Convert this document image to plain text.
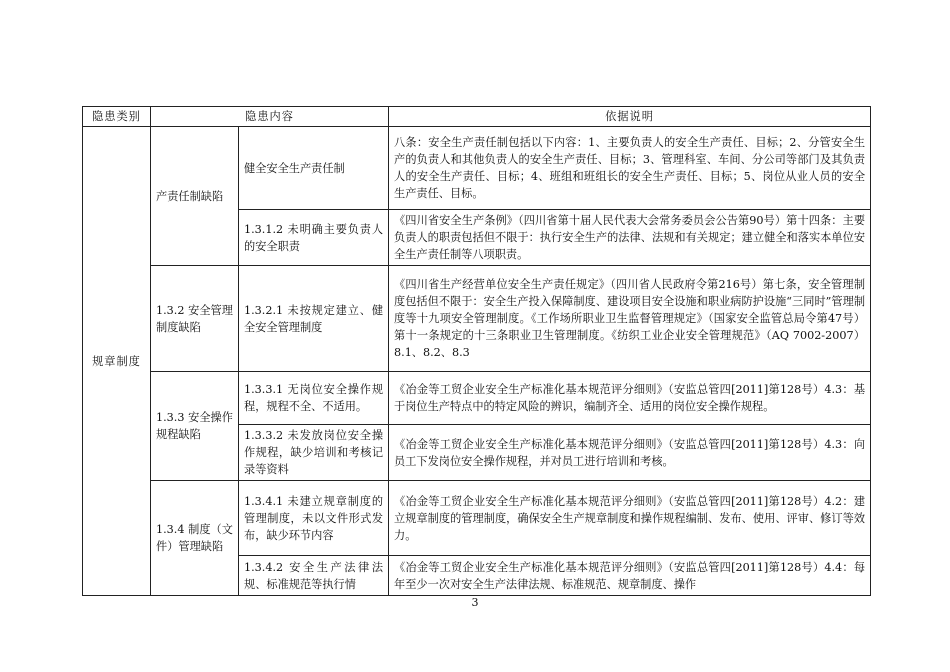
隐患类别	隐患内容		依据说明
规章制度	产责任制缺陷	健全安全生产责任制	八条：安全生产责任制包括以下内容：1、主要负责人的安全生产责任、目标；2、分管安全生产的负责人和其他负责人的安全生产责任、目标；3、管理科室、车间、分公司等部门及其负责人的安全生产责任、目标；4、班组和班组长的安全生产责任、目标；5、岗位从业人员的安全生产责任、目标。
		1.3.1.2 未明确主要负责人的安全职责	《四川省安全生产条例》（四川省第十届人民代表大会常务委员会公告第90号）第十四条：主要负责人的职责包括但不限于：执行安全生产的法律、法规和有关规定；建立健全和落实本单位安全生产责任制等八项职责。
	1.3.2 安全管理制度缺陷	1.3.2.1 未按规定建立、健全安全管理制度	《四川省生产经营单位安全生产责任规定》（四川省人民政府令第216号）第七条，安全管理制度包括但不限于：安全生产投入保障制度、建设项目安全设施和职业病防护设施“三同时”管理制度等十九项安全管理制度。《工作场所职业卫生监督管理规定》（国家安全监管总局令第47号）第十一条规定的十三条职业卫生管理制度。《纺织工业企业安全管理规范》（AQ 7002-2007）8.1、8.2、8.3
	1.3.3 安全操作规程缺陷	1.3.3.1 无岗位安全操作规程，规程不全、不适用。	《冶金等工贸企业安全生产标准化基本规范评分细则》（安监总管四[2011]第128号）4.3：基于岗位生产特点中的特定风险的辨识，编制齐全、适用的岗位安全操作规程。
		1.3.3.2 未发放岗位安全操作规程，缺少培训和考核记录等资料	《冶金等工贸企业安全生产标准化基本规范评分细则》（安监总管四[2011]第128号）4.3：向员工下发岗位安全操作规程，并对员工进行培训和考核。
	1.3.4 制度（文件）管理缺陷	1.3.4.1 未建立规章制度的管理制度，未以文件形式发布，缺少环节内容	《冶金等工贸企业安全生产标准化基本规范评分细则》（安监总管四[2011]第128号）4.2：建立规章制度的管理制度，确保安全生产规章制度和操作规程编制、发布、使用、评审、修订等效力。
		1.3.4.2 安全生产法律法规、标准规范等执行情	《冶金等工贸企业安全生产标准化基本规范评分细则》（安监总管四[2011]第128号）4.4：每年至少一次对安全生产法律法规、标准规范、规章制度、操作
3
